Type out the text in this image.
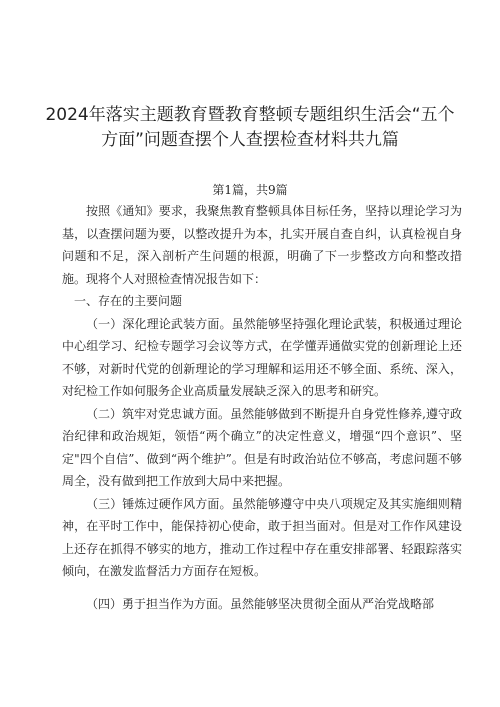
2024年落实主题教育暨教育整顿专题组织生活会“五个
方面”问题查摆个人查摆检查材料共九篇
第1篇，共9篇

按照《通知》要求，我聚焦教育整顿具体目标任务，坚持以理论学习为基，以查摆问题为要，以整改提升为本，扎实开展自查自纠，认真检视自身问题和不足，深入剖析产生问题的根源，明确了下一步整改方向和整改措施。现将个人对照检查情况报告如下：

一、存在的主要问题

（一）深化理论武装方面。虽然能够坚持强化理论武装，积极通过理论中心组学习、纪检专题学习会议等方式，在学懂弄通做实党的创新理论上还不够，对新时代党的创新理论的学习理解和运用还不够全面、系统、深入，对纪检工作如何服务企业高质量发展缺乏深入的思考和研究。

（二）筑牢对党忠诚方面。虽然能够做到不断提升自身党性修养,遵守政治纪律和政治规矩，领悟“两个确立”的决定性意义，增强“四个意识”、坚定"四个自信”、做到“两个维护”。但是有时政治站位不够高，考虑问题不够周全，没有做到把工作放到大局中来把握。

（三）锤炼过硬作风方面。虽然能够遵守中央八项规定及其实施细则精神，在平时工作中，能保持初心使命，敢于担当面对。但是对工作作风建设上还存在抓得不够实的地方，推动工作过程中存在重安排部署、轻跟踪落实倾向，在激发监督活力方面存在短板。

（四）勇于担当作为方面。虽然能够坚决贯彻全面从严治党战略部
